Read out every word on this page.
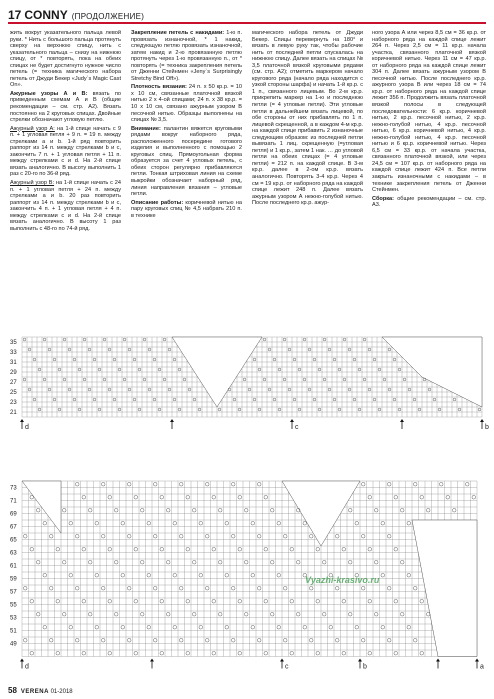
17 CONNY (ПРОДОЛЖЕНИЕ)

жить вокруг указательного пальца левой руки. * Нить с большого пальца протянуть сверху на верхнюю спицу, нить с указательного пальца – снизу на нижнюю спицу, от * повторять, пока на обеих спицах не будет достигнуто нужное число петель (= техника магического набора петель от Джуди Бекер «Judy`s Magic Cast On».

Ажурные узоры А и В: вязать по приведенным схемам А и В (общие рекомендации – см. стр. А2). Вязать постоянно на 2 круговых спицах. Двойные стрелки обозначают угловую петлю.

Ажурный узор А: на 1-й спице начать с 9 п. + 1 угловая петля + 9 п. = 19 п. между стрелками а и b. 1-й ряд повторить раппорт из 14 п. между стрелками b и c, закончить 7 п. + 1 угловая петля + 11 п. между стрелками c и d. На 2-й спице вязать аналогично. В высоту выполнить 1 раз с 20-го по 36-й ряд.

Ажурный узор В: на 1-й спице начать с 24 п. + 1 угловая петля + 24 п. между стрелками а и b. 20 раз повторить раппорт из 14 п. между стрелками b и c, закончить 4 п. + 1 угловая петля + 4 п. между стрелками c и d. На 2-й спице вязать аналогично. В высоту 1 раз выполнить с 48-го по 74-й ряд.

Закрепление петель с накидами: 1-ю п. провязать изнаночной, * 1 накид, следующую петлю провязать изнаночной, затем накид и 2-ю провязанную петлю протянуть через 1-ю провязанную п., от * повторять (= техника закрепления петель от Дженни Стейнмен «Jeny`s Surprisingly Stretchy Bind Off»).

Плотность вязания: 24 п. х 50 кр.р. = 10 х 10 см, связанные платочной вязкой нитью 2 х 4-ой спицами; 24 п. х 38 кр.р. = 10 х 10 см, связано ажурным узором В песочной нитью. Образцы выполнены на спицах № 3,5.

Внимание: палантин вяжется круговыми рядами вокруг наборного ряда, расположенного посередине готового изделия и выполненного с помощью 2 круговых спиц. Прямоугольная форма образуется за счет 4 угловых петель, с обеих сторон регулярно прибавляются петли. Тонкая штриховая линия на схеме выкройки обозначает наборный ряд, линия направления вязания – угловые петли.

Описание работы: коричневой нитью на пару круговых спиц № 4,5 набрать 210 п. в технике

магического набора петель от Джуди Бекер. Спицы перевернуть на 180° и вязать в левую руку так, чтобы рабочие нить от последней петли спускалась на нижнюю спицу. Далее вязать на спицах № 3,5 платочной вязкой круговыми рядами (см. стр. А2); отметить маркером начало кругового ряда (начало ряда находится с узкой стороны шарфа) и начать 1-й кр.р. с 1 п., связанного лицевым. Во 2-м кр.р. прикрепить маркер на 1-ю и последнюю петли (= 4 угловые петли). Эти угловые петли в дальнейшем вязать лицевой, по обе стороны от них прибавлять по 1 п. лицевой скрещенной, а в каждом 4-м кр.р. на каждой спице прибавить 2 изнаночные следующим образом: из последней петли вывязать 1 лиц. скрещенную (=угловая петля) и 1 кр.р., затем 1 нак. … до угловой петли на обеих спицах (= 4 угловые петли) = 212 п. на каждой спице. В 3-м кр.р. далее в 2-ом кр.р. вязать аналогично. Повторять 3-4 кр.р. Через 4 см = 19 кр.р. от наборного ряда на каждой спице лежит 248 п. Далее вязать ажурным узором А нежно-голубой нитью. После последнего кр.р. ажур-

ного узора А или через 8,5 см = 36 кр.р. от наборного ряда на каждой спице лежит 264 п. Через 2,5 см = 11 кр.р. начала участка, связанного платочной вязкой коричневой нитью. Через 11 см = 47 кр.р. от наборного ряда на каждой спице лежит 304 п. Далее вязать ажурным узором В песочной нитью. После последнего кр.р. ажурного узора В или через 18 см = 74 кр.р. от наборного ряда на каждой спице лежит 356 п. Продолжить вязать платочной вязкой полосы в следующей последовательности: 6 кр.р. коричневой нитью, 2 кр.р. песочной нитью, 2 кр.р. нежно-голубой нитью, 4 кр.р. песочной нитью, 6 кр.р. коричневой нитью, 4 кр.р. нежно-голубой нитью, 4 кр.р. песочной нитью и 6 кр.р. коричневой нитью. Через 6,5 см = 33 кр.р. от начала участка, связанного платочной вязкой, или через 24,5 см = 107 кр.р. от наборного ряда на каждой спице лежит 424 п. Все петли закрыть изнаночными с накидами – в технике закрепления петель от Дженни Стейнмен.

Сборка: общие рекомендации – см. стр. А3.

35
33
31
29
27
25
23
21
d	c	b
73
71
69
67
65
63
61
59
57
55
53
51
49
d	c	b	a
Vyazhi-krasivo.ru
58 VERENA 01-2018
